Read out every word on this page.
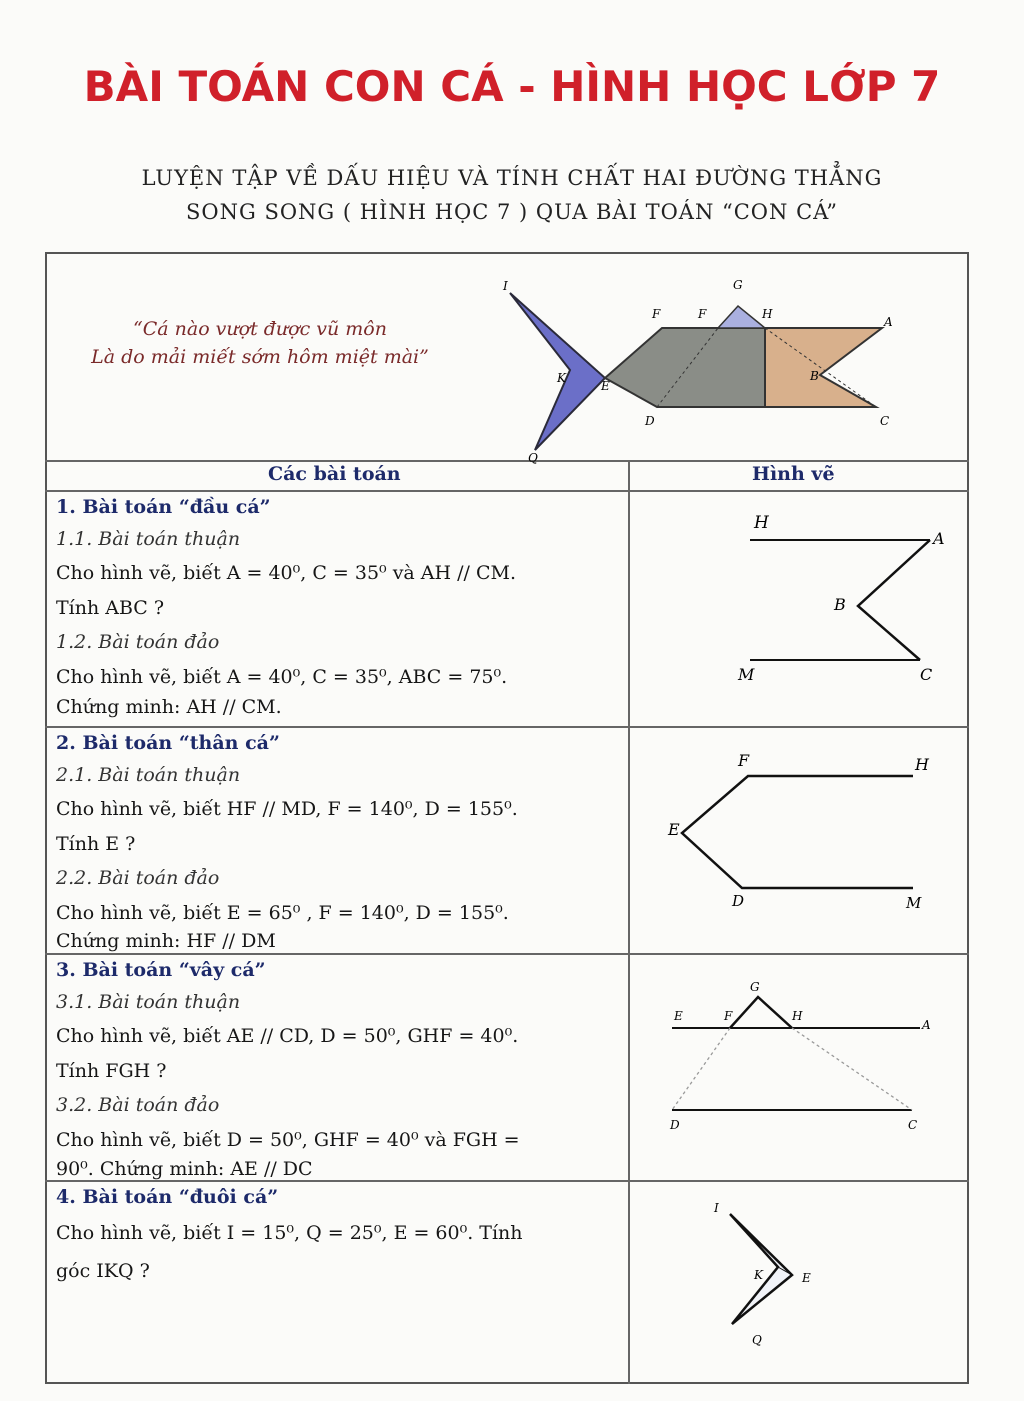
BÀI TOÁN CON CÁ - HÌNH HỌC LỚP 7
LUYỆN TẬP VỀ DẤU HIỆU VÀ TÍNH CHẤT HAI ĐƯỜNG THẲNG
SONG SONG ( HÌNH HỌC 7 ) QUA BÀI TOÁN “CON CÁ”
“Cá nào vượt được vũ môn
Là do mải miết sớm hôm miệt mài”
I	G
F	F	H
A
K
E
B
D	C
Q
Các bài toán	Hình vẽ

1. Bài toán “đầu cá”

1.1. Bài toán thuận

Cho hình vẽ, biết A = 40⁰, C = 35⁰ và AH // CM.

Tính ABC ?

1.2. Bài toán đảo

Cho hình vẽ, biết A = 40⁰, C = 35⁰, ABC = 75⁰.

Chứng minh: AH // CM.

H
A
B
M	C

2. Bài toán “thân cá”

2.1. Bài toán thuận

Cho hình vẽ, biết HF // MD, F = 140⁰, D = 155⁰.

Tính E ?

2.2. Bài toán đảo

Cho hình vẽ, biết E = 65⁰ , F = 140⁰, D = 155⁰.

Chứng minh: HF // DM

F	H
E
D	M

3. Bài toán “vây cá”

3.1. Bài toán thuận

Cho hình vẽ, biết AE // CD, D = 50⁰, GHF = 40⁰.

Tính FGH ?

3.2. Bài toán đảo

Cho hình vẽ, biết D = 50⁰, GHF = 40⁰ và FGH =

90⁰. Chứng minh: AE // DC

G
E	F	H
A
D	C

4. Bài toán “đuôi cá”

Cho hình vẽ, biết I = 15⁰, Q = 25⁰, E = 60⁰. Tính

góc IKQ ?

I
K	E
Q
